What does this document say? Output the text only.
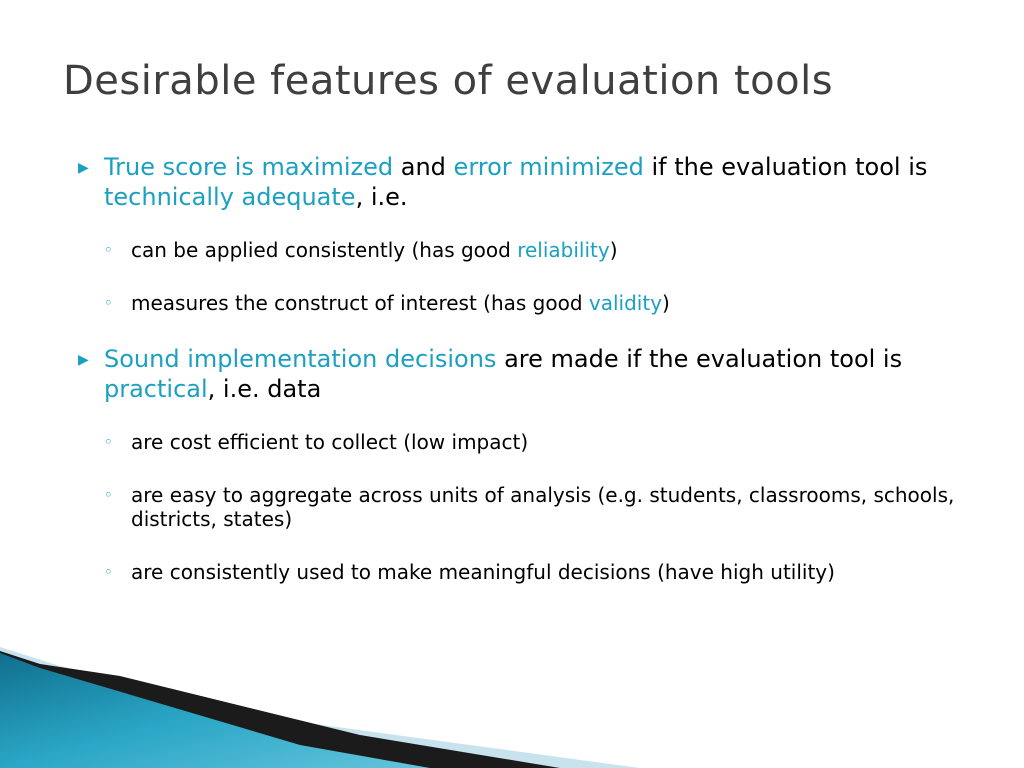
Desirable features of evaluation tools
▶ True score is maximized and error minimized if the evaluation tool is technically adequate, i.e.
◦ can be applied consistently (has good reliability)
◦ measures the construct of interest (has good validity)
▶ Sound implementation decisions are made if the evaluation tool is practical, i.e. data
◦ are cost efficient to collect (low impact)
◦ are easy to aggregate across units of analysis (e.g. students, classrooms, schools, districts, states)
◦ are consistently used to make meaningful decisions (have high utility)
